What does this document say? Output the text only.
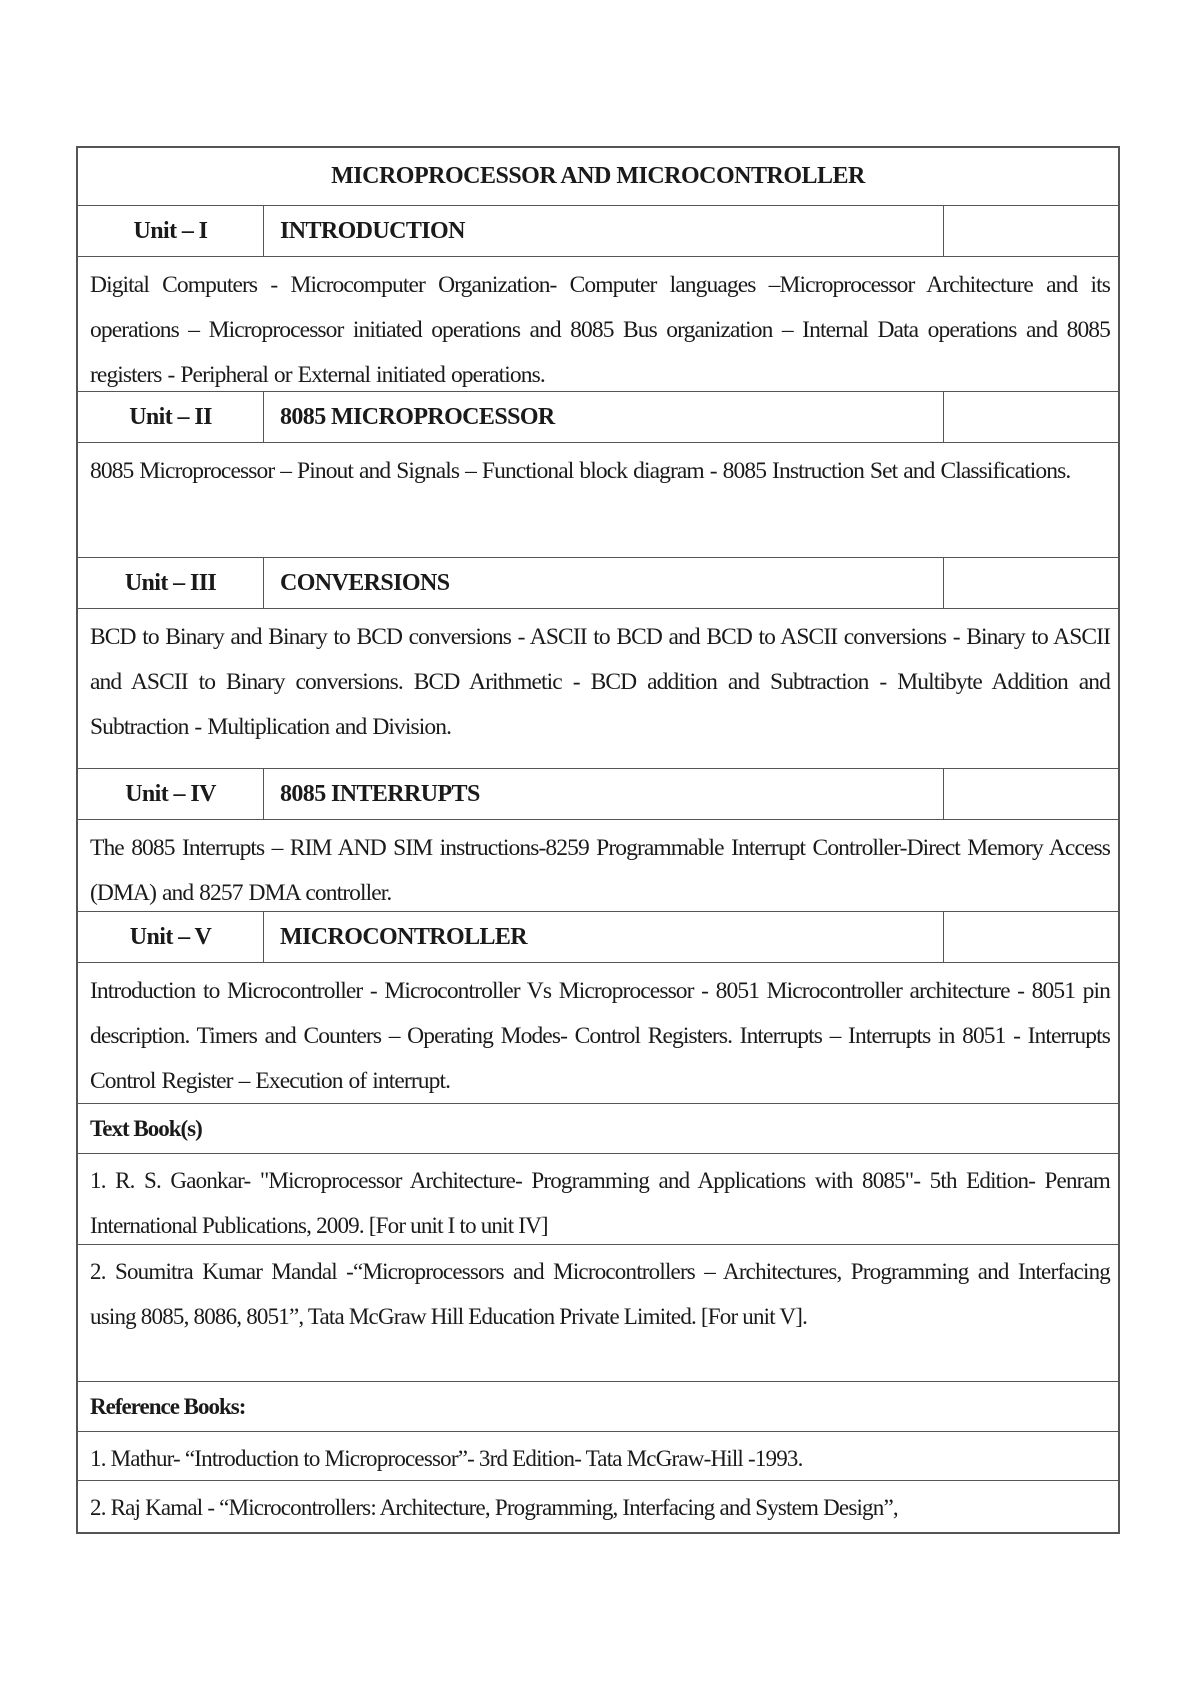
MICROPROCESSOR AND MICROCONTROLLER
Unit – I	INTRODUCTION
Digital Computers - Microcomputer Organization- Computer languages –Microprocessor Architecture and its operations – Microprocessor initiated operations and 8085 Bus organization – Internal Data operations and 8085 registers - Peripheral or External initiated operations.
Unit – II	8085 MICROPROCESSOR
8085 Microprocessor – Pinout and Signals – Functional block diagram - 8085 Instruction Set and Classifications.
Unit – III	CONVERSIONS
BCD to Binary and Binary to BCD conversions - ASCII to BCD and BCD to ASCII conversions - Binary to ASCII and ASCII to Binary conversions. BCD Arithmetic - BCD addition and Subtraction - Multibyte Addition and Subtraction - Multiplication and Division.
Unit – IV	8085 INTERRUPTS
The 8085 Interrupts – RIM AND SIM instructions-8259 Programmable Interrupt Controller-Direct Memory Access (DMA) and 8257 DMA controller.
Unit – V	MICROCONTROLLER
Introduction to Microcontroller - Microcontroller Vs Microprocessor - 8051 Microcontroller architecture - 8051 pin description. Timers and Counters – Operating Modes- Control Registers. Interrupts – Interrupts in 8051 - Interrupts Control Register – Execution of interrupt.
Text Book(s)
1. R. S. Gaonkar- "Microprocessor Architecture- Programming and Applications with 8085"- 5th Edition- Penram International Publications, 2009. [For unit I to unit IV]
2. Soumitra Kumar Mandal -“Microprocessors and Microcontrollers – Architectures, Programming and Interfacing using 8085, 8086, 8051”, Tata McGraw Hill Education Private Limited. [For unit V].
Reference Books:
1. Mathur- “Introduction to Microprocessor”- 3rd Edition- Tata McGraw-Hill -1993.
2. Raj Kamal - “Microcontrollers: Architecture, Programming, Interfacing and System Design”,
